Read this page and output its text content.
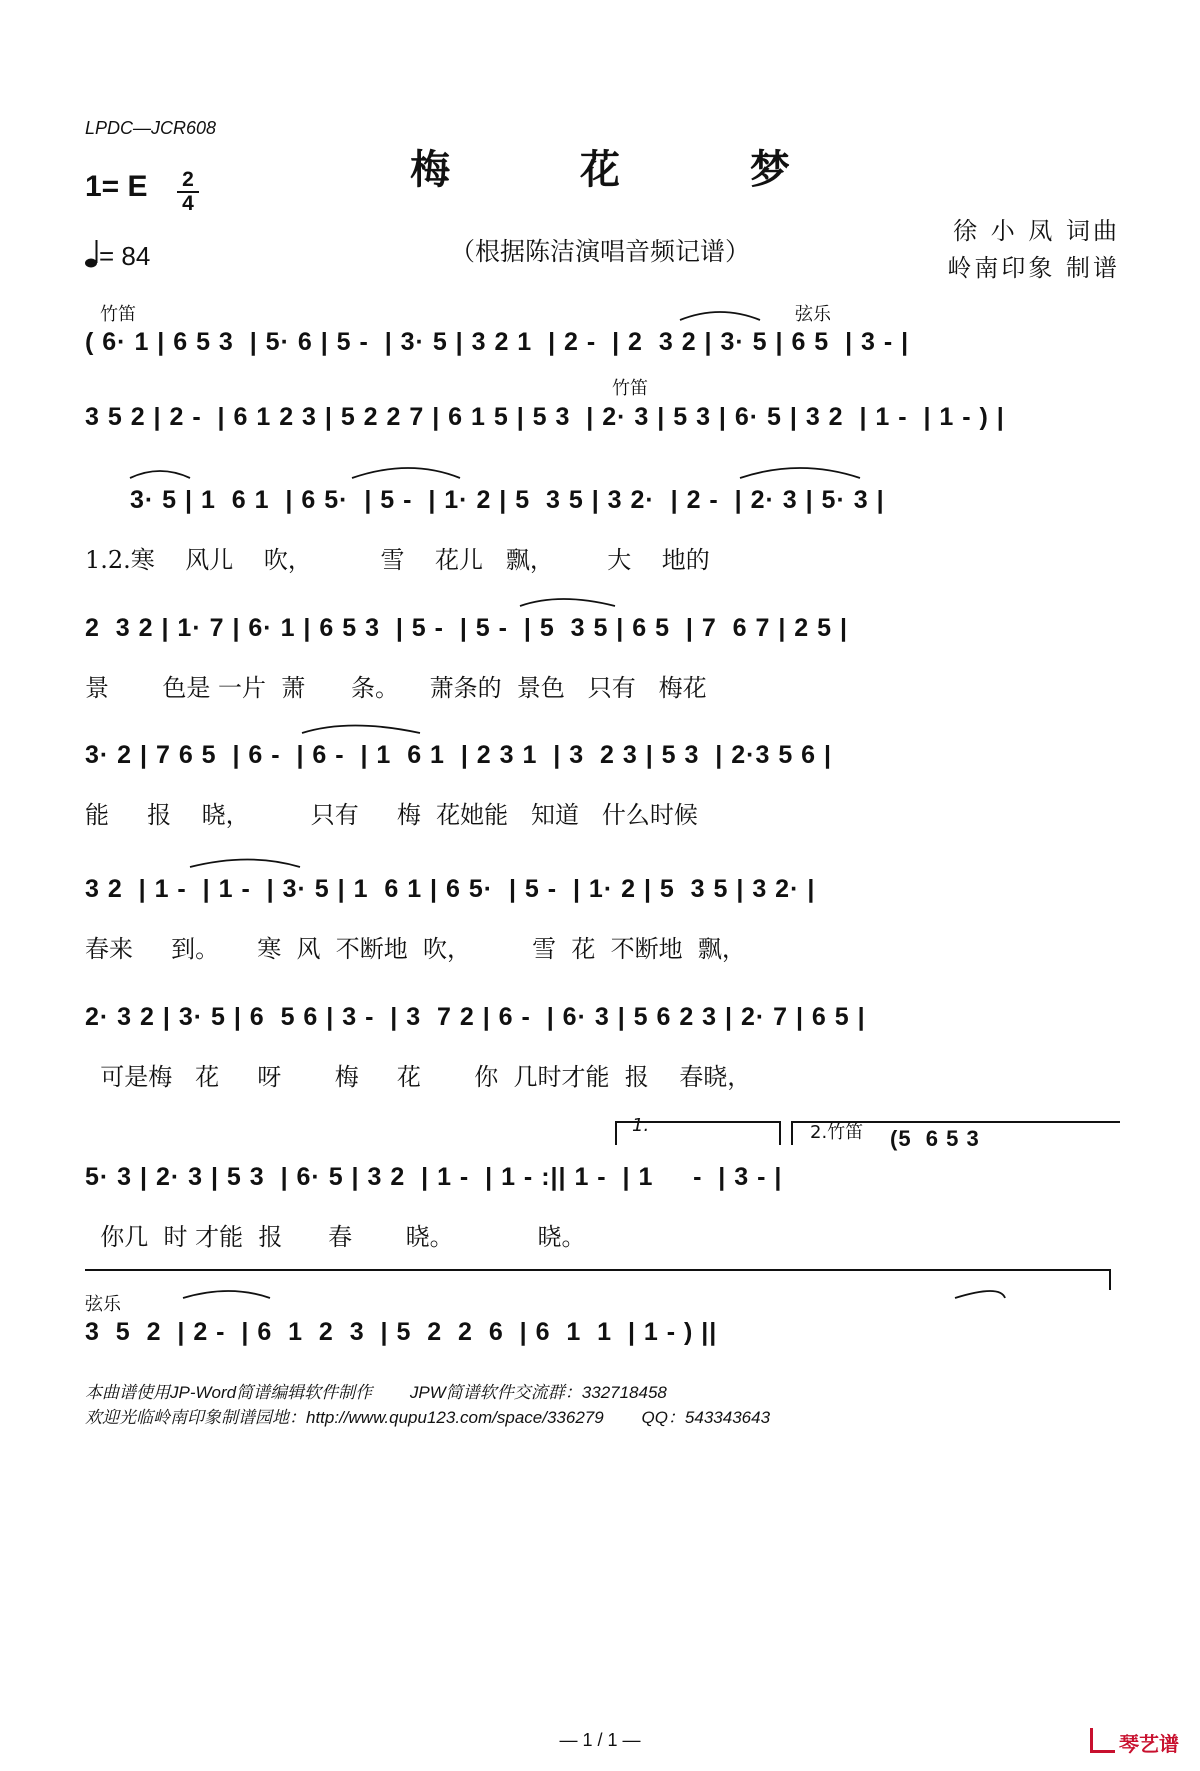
LPDC—JCR608
梅 花 梦
1= E 2
4
= 84	（根据陈洁演唱音频记谱）
徐 小 凤 词曲
岭南印象 制谱
竹笛	弦乐
( 6· 1 | 6 5 3  | 5· 6 | 5 -  | 3· 5 | 3 2 1  | 2 -  | 2  3 2 | 3· 5 | 6 5  | 3 - |
竹笛
3 5 2 | 2 -  | 6 1 2 3 | 5 2 2 7 | 6 1 5 | 5 3  | 2· 3 | 5 3 | 6· 5 | 3 2  | 1 -  | 1 - ) |
3· 5 | 1  6 1  | 6 5·  | 5 -  | 1· 2 | 5  3 5 | 3 2·  | 2 -  | 2· 3 | 5· 3 |
1.2.寒    风儿    吹，         雪    花儿   飘，       大    地的
2  3 2 | 1· 7 | 6· 1 | 6 5 3  | 5 -  | 5 -  | 5  3 5 | 6 5  | 7  6 7 | 2 5 |
景       色是 一片  萧      条。    萧条的  景色   只有   梅花
3· 2 | 7 6 5  | 6 -  | 6 -  | 1  6 1  | 2 3 1  | 3  2 3 | 5 3  | 2·3 5 6 |
能     报    晓，        只有     梅  花她能   知道   什么时候
3 2  | 1 -  | 1 -  | 3· 5 | 1  6 1 | 6 5·  | 5 -  | 1· 2 | 5  3 5 | 3 2· |
春来     到。     寒  风  不断地  吹，        雪  花  不断地  飘，
2· 3 2 | 3· 5 | 6  5 6 | 3 -  | 3  7 2 | 6 -  | 6· 3 | 5 6 2 3 | 2· 7 | 6 5 |
可是梅   花     呀       梅     花       你  几时才能  报    春晓，
1.	2.竹笛 (5  6 5 3
5· 3 | 2· 3 | 5 3  | 6· 5 | 3 2  | 1 -  | 1 - :|| 1 -  | 1     -  | 3 - |
你几  时 才能  报      春       晓。           晓。
弦乐
3  5  2  | 2 -  | 6  1  2  3  | 5  2  2  6  | 6  1  1  | 1 - ) ||
本曲谱使用JP-Word简谱编辑软件制作        JPW简谱软件交流群：332718458
欢迎光临岭南印象制谱园地：http://www.qupu123.com/space/336279        QQ：543343643
— 1 / 1 —	琴艺谱
